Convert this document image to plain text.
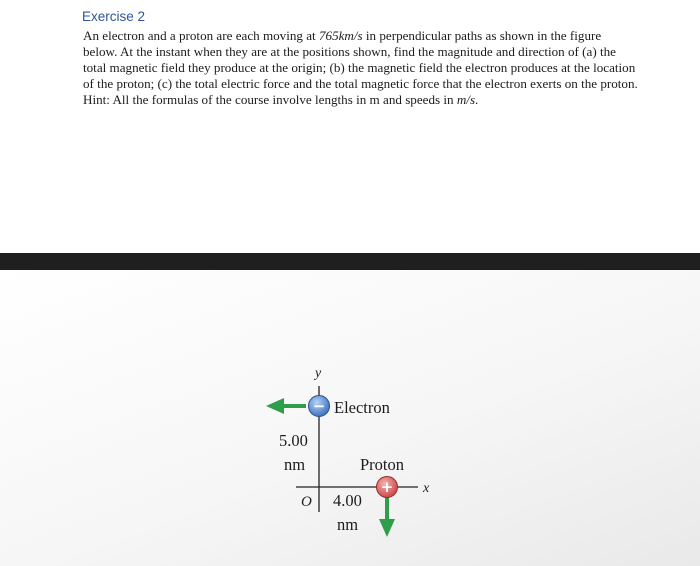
Exercise 2
An electron and a proton are each moving at 765km/s in perpendicular paths as shown in the figure below. At the instant when they are at the positions shown, find the magnitude and direction of (a) the total magnetic field they produce at the origin; (b) the magnetic field the electron produces at the location of the proton; (c) the total electric force and the total magnetic force that the electron exerts on the proton. Hint: All the formulas of the course involve lengths in m and speeds in m/s.
y
x
O
− Electron
5.00
nm	Proton
+
4.00
nm
